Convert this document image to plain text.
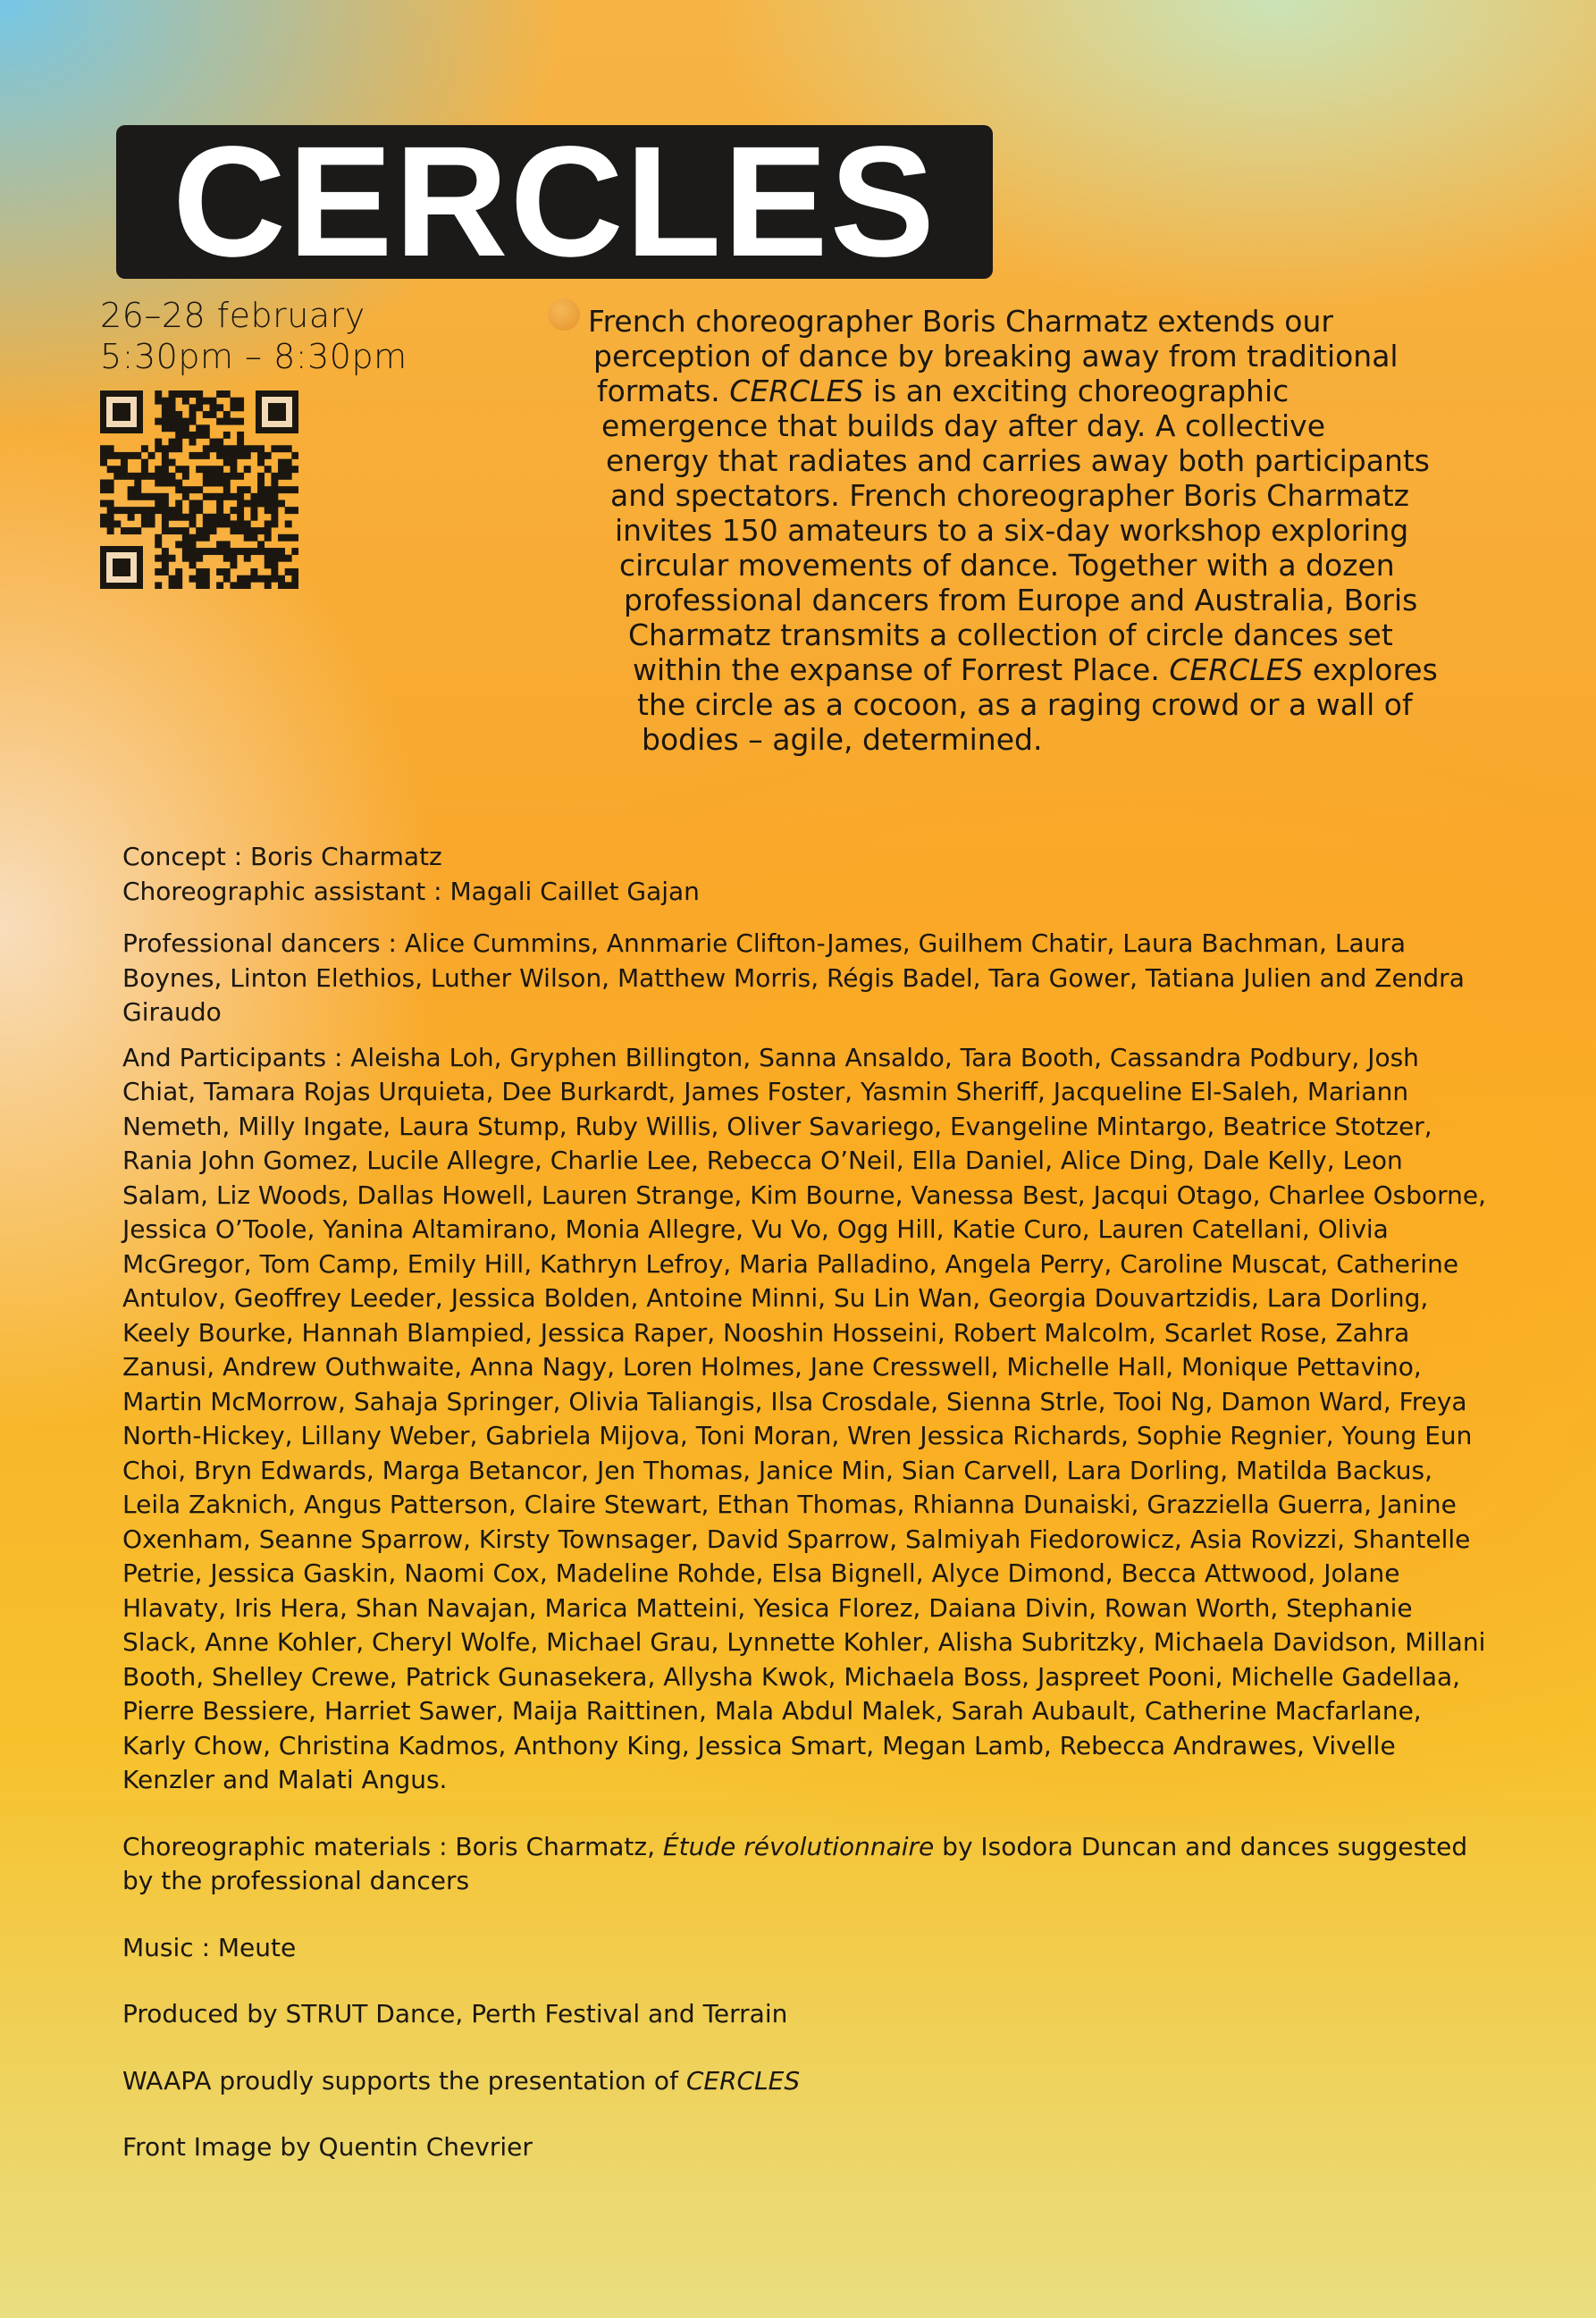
CERCLES
26–28 february
5:30pm – 8:30pm
French choreographer Boris Charmatz extends our
perception of dance by breaking away from traditional
formats. CERCLES is an exciting choreographic
emergence that builds day after day. A collective
energy that radiates and carries away both participants
and spectators. French choreographer Boris Charmatz
invites 150 amateurs to a six-day workshop exploring
circular movements of dance. Together with a dozen
professional dancers from Europe and Australia, Boris
Charmatz transmits a collection of circle dances set
within the expanse of Forrest Place. CERCLES explores
the circle as a cocoon, as a raging crowd or a wall of
bodies – agile, determined.

Concept : Boris Charmatz

Choreographic assistant : Magali Caillet Gajan

Professional dancers : Alice Cummins, Annmarie Clifton-James, Guilhem Chatir, Laura Bachman, Laura Boynes, Linton Elethios, Luther Wilson, Matthew Morris, Régis Badel, Tara Gower, Tatiana Julien and Zendra Giraudo

And Participants : Aleisha Loh, Gryphen Billington, Sanna Ansaldo, Tara Booth, Cassandra Podbury, Josh Chiat, Tamara Rojas Urquieta, Dee Burkardt, James Foster, Yasmin Sheriff, Jacqueline El-Saleh, Mariann Nemeth, Milly Ingate, Laura Stump, Ruby Willis, Oliver Savariego, Evangeline Mintargo, Beatrice Stotzer, Rania John Gomez, Lucile Allegre, Charlie Lee, Rebecca O’Neil, Ella Daniel, Alice Ding, Dale Kelly, Leon Salam, Liz Woods, Dallas Howell, Lauren Strange, Kim Bourne, Vanessa Best, Jacqui Otago, Charlee Osborne, Jessica O’Toole, Yanina Altamirano, Monia Allegre, Vu Vo, Ogg Hill, Katie Curo, Lauren Catellani, Olivia McGregor, Tom Camp, Emily Hill, Kathryn Lefroy, Maria Palladino, Angela Perry, Caroline Muscat, Catherine Antulov, Geoffrey Leeder, Jessica Bolden, Antoine Minni, Su Lin Wan, Georgia Douvartzidis, Lara Dorling, Keely Bourke, Hannah Blampied, Jessica Raper, Nooshin Hosseini, Robert Malcolm, Scarlet Rose, Zahra Zanusi, Andrew Outhwaite, Anna Nagy, Loren Holmes, Jane Cresswell, Michelle Hall, Monique Pettavino, Martin McMorrow, Sahaja Springer, Olivia Taliangis, Ilsa Crosdale, Sienna Strle, Tooi Ng, Damon Ward, Freya North-Hickey, Lillany Weber, Gabriela Mijova, Toni Moran, Wren Jessica Richards, Sophie Regnier, Young Eun Choi, Bryn Edwards, Marga Betancor, Jen Thomas, Janice Min, Sian Carvell, Lara Dorling, Matilda Backus, Leila Zaknich, Angus Patterson, Claire Stewart, Ethan Thomas, Rhianna Dunaiski, Grazziella Guerra, Janine Oxenham, Seanne Sparrow, Kirsty Townsager, David Sparrow, Salmiyah Fiedorowicz, Asia Rovizzi, Shantelle Petrie, Jessica Gaskin, Naomi Cox, Madeline Rohde, Elsa Bignell, Alyce Dimond, Becca Attwood, Jolane Hlavaty, Iris Hera, Shan Navajan, Marica Matteini, Yesica Florez, Daiana Divin, Rowan Worth, Stephanie Slack, Anne Kohler, Cheryl Wolfe, Michael Grau, Lynnette Kohler, Alisha Subritzky, Michaela Davidson, Millani Booth, Shelley Crewe, Patrick Gunasekera, Allysha Kwok, Michaela Boss, Jaspreet Pooni, Michelle Gadellaa, Pierre Bessiere, Harriet Sawer, Maija Raittinen, Mala Abdul Malek, Sarah Aubault, Catherine Macfarlane, Karly Chow, Christina Kadmos, Anthony King, Jessica Smart, Megan Lamb, Rebecca Andrawes, Vivelle Kenzler and Malati Angus.

Choreographic materials : Boris Charmatz, Étude révolutionnaire by Isodora Duncan and dances suggested by the professional dancers

Music : Meute

Produced by STRUT Dance, Perth Festival and Terrain

WAAPA proudly supports the presentation of CERCLES

Front Image by Quentin Chevrier
